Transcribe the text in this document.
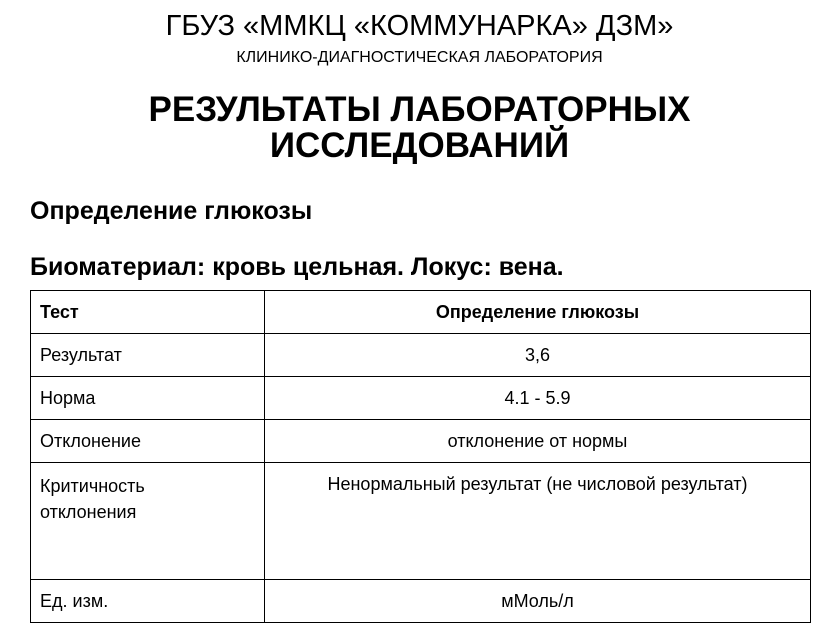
ГБУЗ «ММКЦ «КОММУНАРКА» ДЗМ»
КЛИНИКО-ДИАГНОСТИЧЕСКАЯ ЛАБОРАТОРИЯ
РЕЗУЛЬТАТЫ ЛАБОРАТОРНЫХ
ИССЛЕДОВАНИЙ
Определение глюкозы
Биоматериал: кровь цельная. Локус: вена.
Тест	Определение глюкозы
Результат	3,6
Норма	4.1 - 5.9
Отклонение	отклонение от нормы

Критичность
отклонения	Ненормальный результат (не числовой результат)
Ед. изм.	мМоль/л
